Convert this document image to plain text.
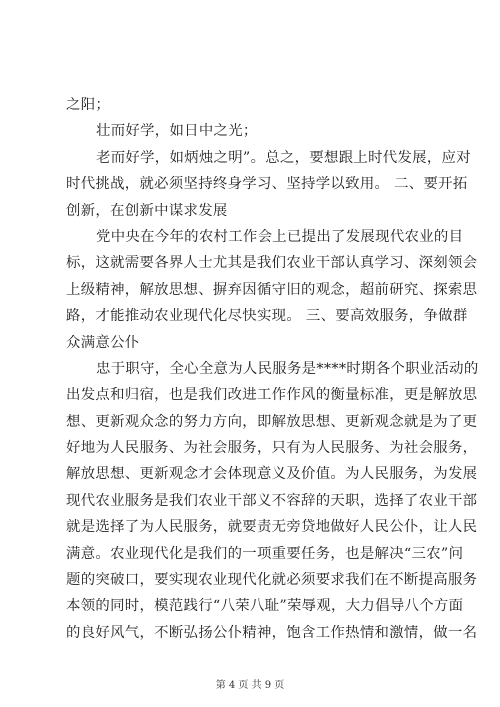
之阳；
壮而好学，如日中之光；
老而好学，如炳烛之明”。总之，要想跟上时代发展，应对
时代挑战，就必须坚持终身学习、坚持学以致用。 二、要开拓
创新，在创新中谋求发展
党中央在今年的农村工作会上已提出了发展现代农业的目
标，这就需要各界人士尤其是我们农业干部认真学习、深刻领会
上级精神，解放思想、摒弃因循守旧的观念，超前研究、探索思
路，才能推动农业现代化尽快实现。 三、要高效服务，争做群
众满意公仆
忠于职守，全心全意为人民服务是****时期各个职业活动的
出发点和归宿，也是我们改进工作作风的衡量标准，更是解放思
想、更新观众念的努力方向，即解放思想、更新观念就是为了更
好地为人民服务、为社会服务，只有为人民服务、为社会服务，
解放思想、更新观念才会体现意义及价值。为人民服务，为发展
现代农业服务是我们农业干部义不容辞的天职，选择了农业干部
就是选择了为人民服务，就要责无旁贷地做好人民公仆，让人民
满意。农业现代化是我们的一项重要任务，也是解决“三农”问
题的突破口，要实现农业现代化就必须要求我们在不断提高服务
本领的同时，模范践行“八荣八耻”荣辱观，大力倡导八个方面
的良好风气，不断弘扬公仆精神，饱含工作热情和激情，做一名
第 4 页 共 9 页
